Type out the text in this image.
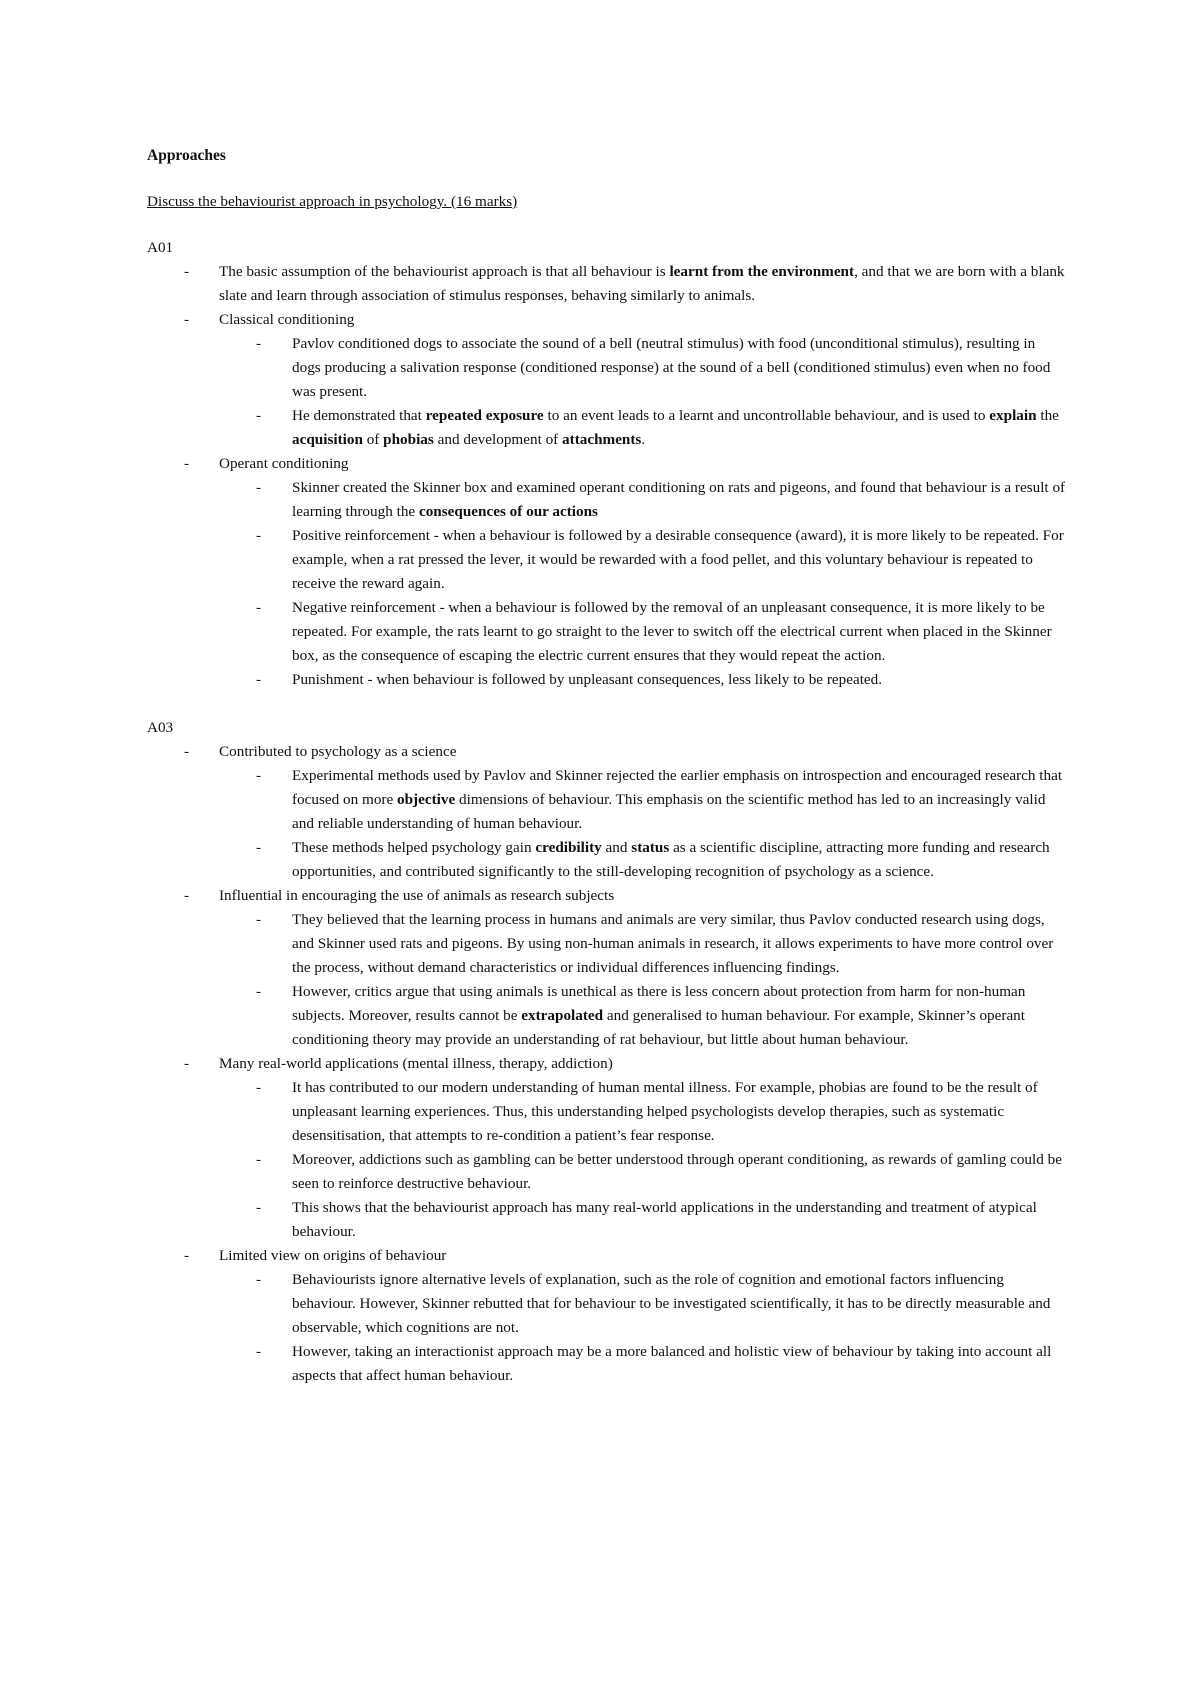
Approaches
Discuss the behaviourist approach in psychology. (16 marks)
A01
- The basic assumption of the behaviourist approach is that all behaviour is learnt from the environment, and that we are born with a blank slate and learn through association of stimulus responses, behaving similarly to animals.
- Classical conditioning
- Pavlov conditioned dogs to associate the sound of a bell (neutral stimulus) with food (unconditional stimulus), resulting in dogs producing a salivation response (conditioned response) at the sound of a bell (conditioned stimulus) even when no food was present.
- He demonstrated that repeated exposure to an event leads to a learnt and uncontrollable behaviour, and is used to explain the acquisition of phobias and development of attachments.
- Operant conditioning
- Skinner created the Skinner box and examined operant conditioning on rats and pigeons, and found that behaviour is a result of learning through the consequences of our actions
- Positive reinforcement - when a behaviour is followed by a desirable consequence (award), it is more likely to be repeated. For example, when a rat pressed the lever, it would be rewarded with a food pellet, and this voluntary behaviour is repeated to receive the reward again.
- Negative reinforcement - when a behaviour is followed by the removal of an unpleasant consequence, it is more likely to be repeated. For example, the rats learnt to go straight to the lever to switch off the electrical current when placed in the Skinner box, as the consequence of escaping the electric current ensures that they would repeat the action.
- Punishment - when behaviour is followed by unpleasant consequences, less likely to be repeated.
A03
- Contributed to psychology as a science
- Experimental methods used by Pavlov and Skinner rejected the earlier emphasis on introspection and encouraged research that focused on more objective dimensions of behaviour. This emphasis on the scientific method has led to an increasingly valid and reliable understanding of human behaviour.
- These methods helped psychology gain credibility and status as a scientific discipline, attracting more funding and research opportunities, and contributed significantly to the still-developing recognition of psychology as a science.
- Influential in encouraging the use of animals as research subjects
- They believed that the learning process in humans and animals are very similar, thus Pavlov conducted research using dogs, and Skinner used rats and pigeons. By using non-human animals in research, it allows experiments to have more control over the process, without demand characteristics or individual differences influencing findings.
- However, critics argue that using animals is unethical as there is less concern about protection from harm for non-human subjects. Moreover, results cannot be extrapolated and generalised to human behaviour. For example, Skinner’s operant conditioning theory may provide an understanding of rat behaviour, but little about human behaviour.
- Many real-world applications (mental illness, therapy, addiction)
- It has contributed to our modern understanding of human mental illness. For example, phobias are found to be the result of unpleasant learning experiences. Thus, this understanding helped psychologists develop therapies, such as systematic desensitisation, that attempts to re-condition a patient’s fear response.
- Moreover, addictions such as gambling can be better understood through operant conditioning, as rewards of gamling could be seen to reinforce destructive behaviour.
- This shows that the behaviourist approach has many real-world applications in the understanding and treatment of atypical behaviour.
- Limited view on origins of behaviour
- Behaviourists ignore alternative levels of explanation, such as the role of cognition and emotional factors influencing behaviour. However, Skinner rebutted that for behaviour to be investigated scientifically, it has to be directly measurable and observable, which cognitions are not.
- However, taking an interactionist approach may be a more balanced and holistic view of behaviour by taking into account all aspects that affect human behaviour.
